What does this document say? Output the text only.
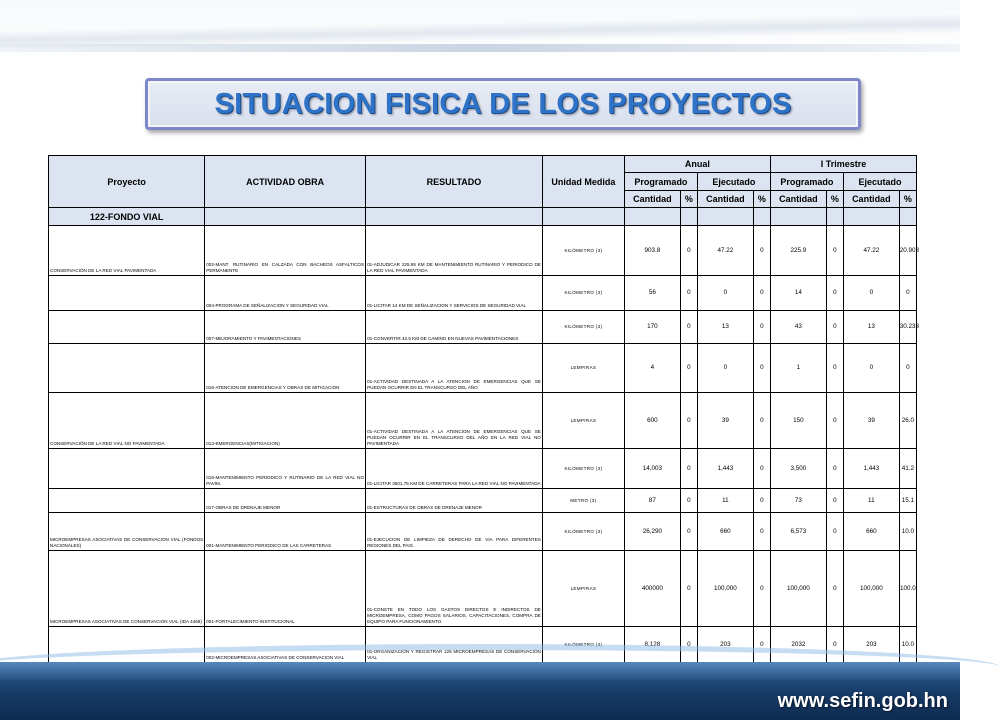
SITUACION FISICA DE LOS PROYECTOS
Proyecto	ACTIVIDAD OBRA	RESULTADO	Unidad Medida	Anual				I Trimestre			
				Programado		Ejecutado		Programado		Ejecutado	
				Cantidad	%	Cantidad	%	Cantidad	%	Cantidad	%
122-FONDO VIAL											
CONSERVACIÓN DE LA RED VIAL PAVIMENTADA	002-MANT. RUTINARIO EN CALZADA CON BACHEOS ASFALTICOS PERMANENTE	01-ADJUDICAR 225.95 KM DE MANTENIMIENTO RUTINARIO Y PERIODICO DE LA RED VIAL PAVIMENTADA	KILÓMETRO (3)	903.8	0	47.22	0	225.9	0	47.22	20.903
	004-PROGRAMA DE SEÑALIZACION Y SEGURIDAD VIAL	01-LICITAR 14 KM DE SEÑALIZACION Y SERVICIOS DE SEGURIDAD VIAL	KILÓMETRO (3)	56	0	0	0	14	0	0	0
	007-MEJORAMIENTO Y PAVIMENTACIONES	01-CONVERTIR 42.5 KM DE CAMINO EN NUEVAS PAVIMENTACIONES	KILÓMETRO (3)	170	0	13	0	43	0	13	30.233
	016-ATENCION DE EMERGENCIAS Y OBRAS DE MITIGACION	01-ACTIVIDAD DESTINADA A LA ATENCION DE EMERGENCIAS QUE SE PUEDAN OCURRIR EN EL TRANSCURSO DEL AÑO	LEMPIRAS	4	0	0	0	1	0	0	0
CONSERVACIÓN DE LA RED VIAL NO PAVIMENTADA	013-EMERGENCIAS(MITIGACION)	01-ACTIVIDAD DESTINADA A LA ATENCION DE EMERGENCIAS QUE SE PUEDAN OCURRIR EN EL TRANSCURSO DEL AÑO EN LA RED VIAL NO PAVIMENTADA	LEMPIRAS	600	0	39	0	150	0	39	26.0
	015-MANTENIMIENTO PERIODICO Y RUTINARIO DE LA RED VIAL NO PAVIM.	01-LICITAR 3501.75 KM DE CARRETERAS PARA LA RED VIAL NO PAVIMENTADA	KILÓMETRO (3)	14,003	0	1,443	0	3,500	0	1,443	41.2
	017-OBRAS DE DRENAJE MENOR	01-ESTRUCTURAS DE OBRAS DE DRENAJE MENOR	METRO (3)	87	0	11	0	73	0	11	15.1
MICROEMPRESAS ASOCIATIVAS DE CONSERVACION VIAL (FONDOS NACIONALES)	001-MANTENIMIENTO PERIODICO DE LAS CARRETERAS	01-EJECUCION DE LIMPIEZA DE DERECHO DE VIA PARA DIFERENTES REGIONES DEL PAIS.	KILÓMETRO (3)	26,290	0	660	0	6,573	0	660	10.0
MICROEMPRESAS ASOCIATIVAS DE CONSERVACION VIAL (IDA 4468)	001-FORTALECIMIENTO INSTITUCIONAL	01-CONSTE EN TODO LOS GASTOS DIRECTOS E INDIRECTOS DE MICROEMPRESA, COMO PAGOS SALARIOS, CAPACITACIONES, COMPRA DE EQUIPO PARA FUNCIONAMIENTO.	LEMPIRAS	400000	0	100,000	0	100,000	0	100,000	100.0
	002-MICROEMPRESAS ASOCIATIVAS DE CONSERVACION VIAL	01-ORGANIZACIÓN Y REGISTRAR 126 MICROEMPRESAS DE CONSERVACIÓN VIAL	KILÓMETRO (3)	8,128	0	203	0	2032	0	203	10.0
www.sefin.gob.hn
